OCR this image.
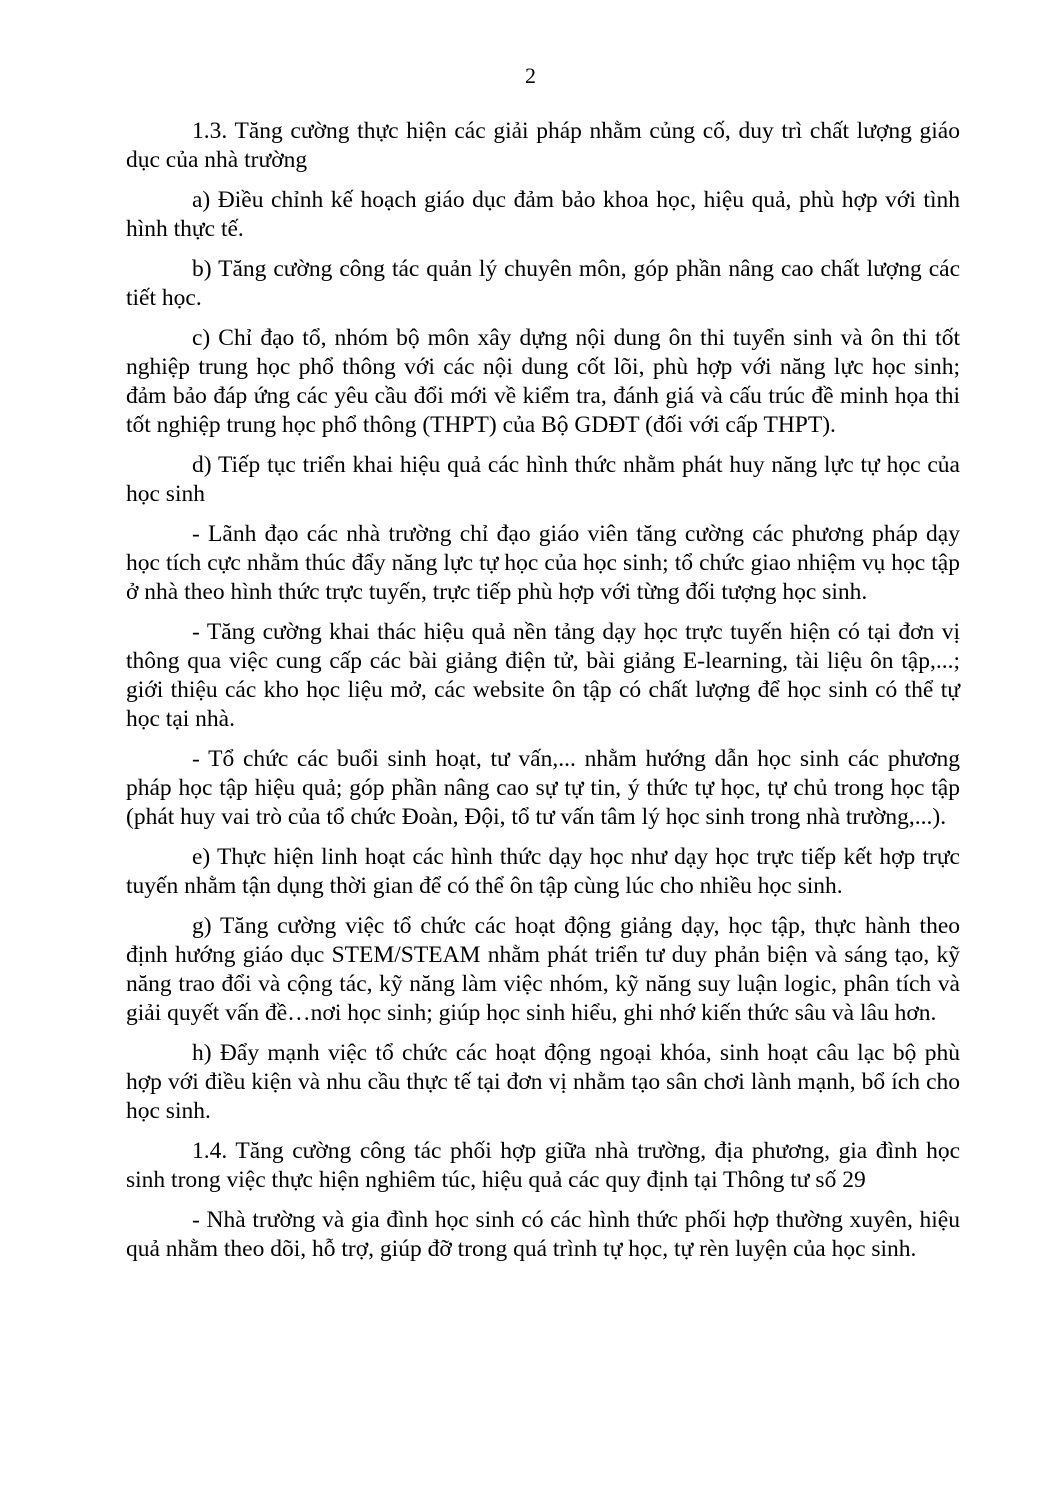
2

1.3. Tăng cường thực hiện các giải pháp nhằm củng cố, duy trì chất lượng giáo dục của nhà trường

a) Điều chỉnh kế hoạch giáo dục đảm bảo khoa học, hiệu quả, phù hợp với tình hình thực tế.

b) Tăng cường công tác quản lý chuyên môn, góp phần nâng cao chất lượng các tiết học.

c) Chỉ đạo tổ, nhóm bộ môn xây dựng nội dung ôn thi tuyển sinh và ôn thi tốt nghiệp trung học phổ thông với các nội dung cốt lõi, phù hợp với năng lực học sinh; đảm bảo đáp ứng các yêu cầu đổi mới về kiểm tra, đánh giá và cấu trúc đề minh họa thi tốt nghiệp trung học phổ thông (THPT) của Bộ GDĐT (đối với cấp THPT).

d) Tiếp tục triển khai hiệu quả các hình thức nhằm phát huy năng lực tự học của học sinh

- Lãnh đạo các nhà trường chỉ đạo giáo viên tăng cường các phương pháp dạy học tích cực nhằm thúc đẩy năng lực tự học của học sinh; tổ chức giao nhiệm vụ học tập ở nhà theo hình thức trực tuyến, trực tiếp phù hợp với từng đối tượng học sinh.

- Tăng cường khai thác hiệu quả nền tảng dạy học trực tuyến hiện có tại đơn vị thông qua việc cung cấp các bài giảng điện tử, bài giảng E-learning, tài liệu ôn tập,...; giới thiệu các kho học liệu mở, các website ôn tập có chất lượng để học sinh có thể tự học tại nhà.

- Tổ chức các buổi sinh hoạt, tư vấn,... nhằm hướng dẫn học sinh các phương pháp học tập hiệu quả; góp phần nâng cao sự tự tin, ý thức tự học, tự chủ trong học tập (phát huy vai trò của tổ chức Đoàn, Đội, tổ tư vấn tâm lý học sinh trong nhà trường,...).

e) Thực hiện linh hoạt các hình thức dạy học như dạy học trực tiếp kết hợp trực tuyến nhằm tận dụng thời gian để có thể ôn tập cùng lúc cho nhiều học sinh.

g) Tăng cường việc tổ chức các hoạt động giảng dạy, học tập, thực hành theo định hướng giáo dục STEM/STEAM nhằm phát triển tư duy phản biện và sáng tạo, kỹ năng trao đổi và cộng tác, kỹ năng làm việc nhóm, kỹ năng suy luận logic, phân tích và giải quyết vấn đề…nơi học sinh; giúp học sinh hiểu, ghi nhớ kiến thức sâu và lâu hơn.

h) Đẩy mạnh việc tổ chức các hoạt động ngoại khóa, sinh hoạt câu lạc bộ phù hợp với điều kiện và nhu cầu thực tế tại đơn vị nhằm tạo sân chơi lành mạnh, bổ ích cho học sinh.

1.4. Tăng cường công tác phối hợp giữa nhà trường, địa phương, gia đình học sinh trong việc thực hiện nghiêm túc, hiệu quả các quy định tại Thông tư số 29

- Nhà trường và gia đình học sinh có các hình thức phối hợp thường xuyên, hiệu quả nhằm theo dõi, hỗ trợ, giúp đỡ trong quá trình tự học, tự rèn luyện của học sinh.
